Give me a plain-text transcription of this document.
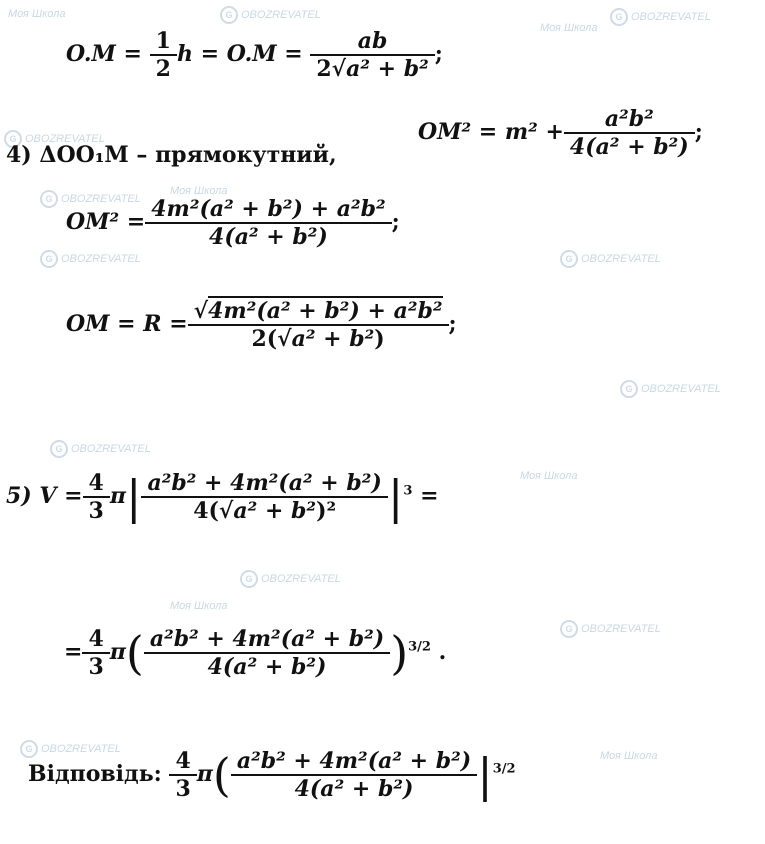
Моя Школа	G OBOZREVATEL
Моя Школа
G OBOZREVATEL
G OBOZREVATEL
Моя Школа
G OBOZREVATEL
G OBOZREVATEL
G OBOZREVATEL
G OBOZREVATEL
G OBOZREVATEL
Моя Школа
Моя Школа
G OBOZREVATEL
G OBOZREVATEL
G OBOZREVATEL
Моя Школа
$O.M = \frac{1}{2}$ $h = O.M = \frac{ab}{\text{2√a² + b²}}$ ;
4) ΔOO₁M – прямокутний,
$OM^2 = m^2 + \frac{\text{a²b²}}{\text{4(a² + b²)}}$ ;
$OM^2 = \frac{\text{4m²(a² + b²) + a²b²}}{\text{4(a² + b²)}}$ ;
OM = $R = \frac{\text{√4m²(a² + b²) + a²b²}}{\text{2(√a² + b²)}}$ ;
5) $V = \frac{4}{3} \pi| \frac{\text{a²b² + 4m²(a² + b²)}}{\text{4(√a² + b²)²}} |^3$ =
= $\frac{4}{3} \pi( \frac{\text{a²b² + 4m²(a² + b²)}}{\text{4(a² + b²)}} )^{3/2}$ .
Відповідь: $\frac{4}{3} \pi( \frac{\text{a²b² + 4m²(a² + b²)}}{\text{4(a² + b²)}} |^{3/2}$
